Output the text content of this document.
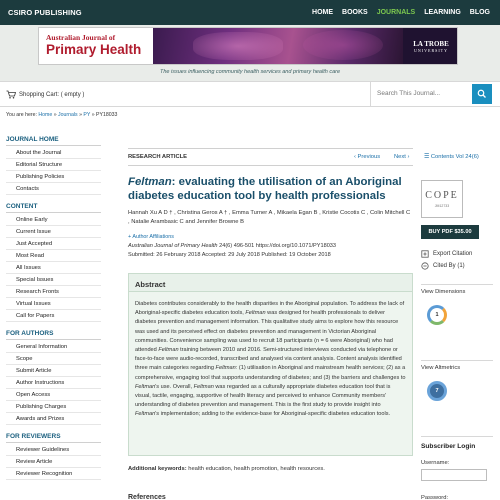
CSIRO PUBLISHING	HOME BOOKS JOURNALS LEARNING BLOG
Australian Journal of
Primary Health	LA TROBE
UNIVERSITY
The issues influencing community health services and primary health care
Shopping Cart: ( empty )	Search This Journal...
You are here: Home » Journals » PY » PY18033
JOURNAL HOME
About the Journal
Editorial Structure
Publishing Policies
Contacts
CONTENT
Online Early
Current Issue
Just Accepted
Most Read
All Issues
Special Issues
Research Fronts
Virtual Issues
Call for Papers
FOR AUTHORS
General Information
Scope
Submit Article
Author Instructions
Open Access
Publishing Charges
Awards and Prizes
FOR REVIEWERS
Reviewer Guidelines
Review Article
Reviewer Recognition
RESEARCH ARTICLE	‹ Previous Next ›	☰ Contents Vol 24(6)
Feltman: evaluating the utilisation of an Aboriginal diabetes education tool by health professionals
Hannah Xu A D † , Christina Geros A † , Emma Turner A , Mikaela Egan B , Kristie Cocotis C , Colin Mitchell C , Natalie Arambasic C and Jennifer Browne B
+ Author Affiliations
Australian Journal of Primary Health 24(6) 496-501 https://doi.org/10.1071/PY18033
Submitted: 26 February 2018 Accepted: 29 July 2018 Published: 19 October 2018
Abstract
Diabetes contributes considerably to the health disparities in the Aboriginal population. To address the lack of Aboriginal-specific diabetes education tools, Feltman was designed for health professionals to deliver diabetes prevention and management information. This qualitative study aims to explore how this resource was used and its perceived effect on diabetes prevention and management in Victorian Aboriginal communities. Convenience sampling was used to recruit 18 participants (n = 6 were Aboriginal) who had attended Feltman training between 2010 and 2016. Semi-structured interviews conducted via telephone or face-to-face were audio-recorded, transcribed and analysed via content analysis. Content analysis identified three main categories regarding Feltman: (1) utilisation in Aboriginal and mainstream health services; (2) as a comprehensive, engaging tool that supports understanding of diabetes; and (3) the barriers and challenges to Feltman's use. Overall, Feltman was regarded as a culturally appropriate diabetes education tool that is visual, tactile, engaging, supportive of health literacy and perceived to enhance Community members' understanding of diabetes prevention and management. This is the first study to provide insight into Feltman's implementation; adding to the evidence-base for Aboriginal-specific diabetes education tools.
Additional keywords: health education, health promotion, health resources.
References
COPE
JM12733
BUY PDF $35.00
Export Citation
Cited By (1)
View Dimensions
1
View Altmetrics
7
Subscriber Login
Username:
Password:
